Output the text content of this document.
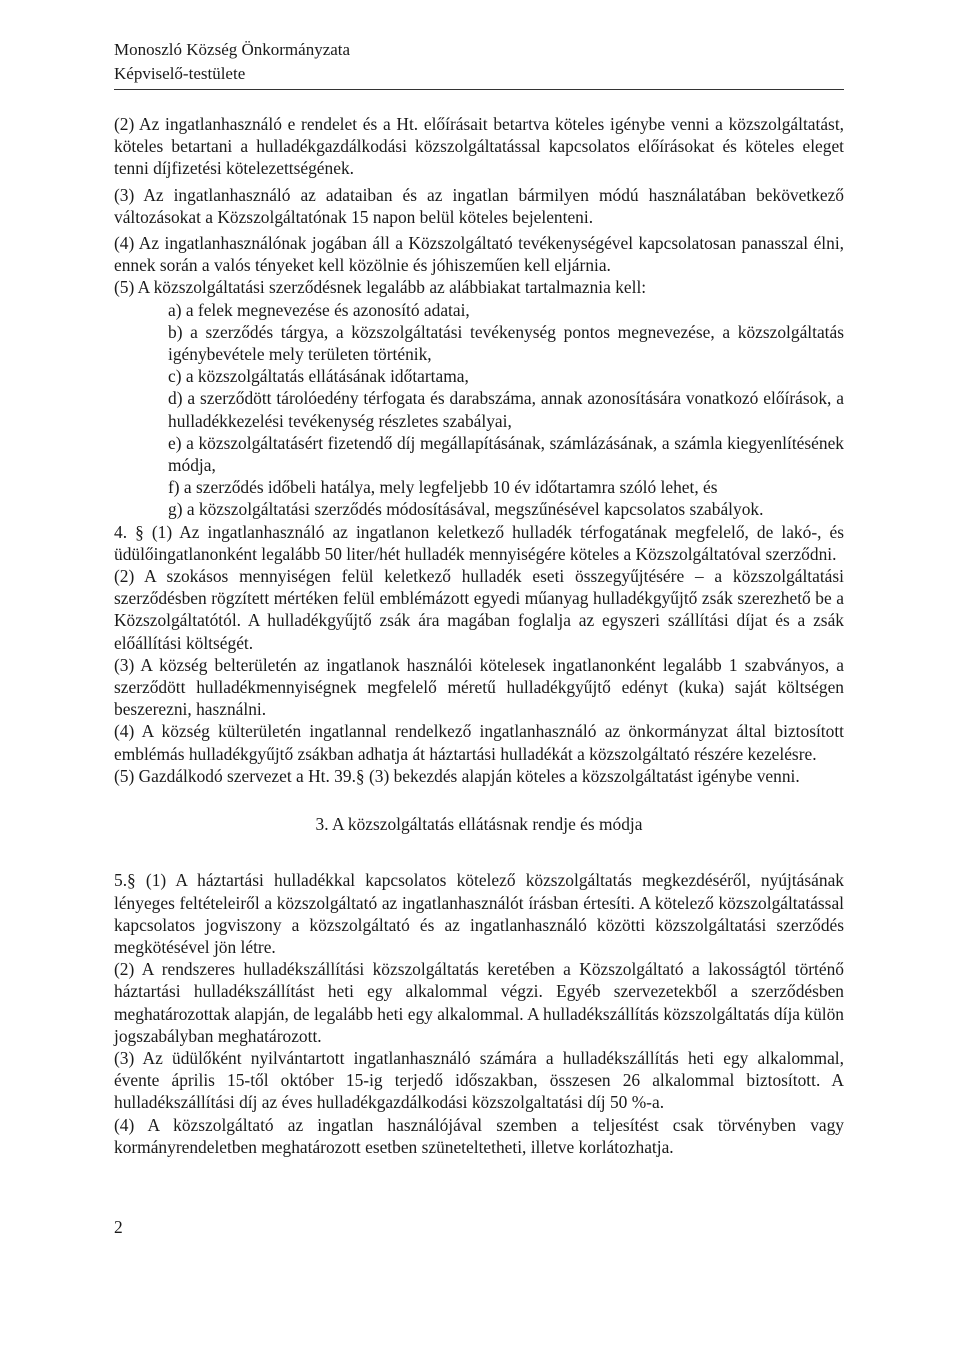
Monoszló Község Önkormányzata
Képviselő-testülete

(2) Az ingatlanhasználó e rendelet és a Ht. előírásait betartva köteles igénybe venni a közszolgáltatást, köteles betartani a hulladékgazdálkodási közszolgáltatással kapcsolatos előírásokat és köteles eleget tenni díjfizetési kötelezettségének.

(3) Az ingatlanhasználó az adataiban és az ingatlan bármilyen módú használatában bekövetkező változásokat a Közszolgáltatónak 15 napon belül köteles bejelenteni.

(4) Az ingatlanhasználónak jogában áll a Közszolgáltató tevékenységével kapcsolatosan panasszal élni, ennek során a valós tényeket kell közölnie és jóhiszeműen kell eljárnia.

(5) A közszolgáltatási szerződésnek legalább az alábbiakat tartalmaznia kell:

a) a felek megnevezése és azonosító adatai,

b) a szerződés tárgya, a közszolgáltatási tevékenység pontos megnevezése, a közszolgáltatás igénybevétele mely területen történik,

c) a közszolgáltatás ellátásának időtartama,

d) a szerződött tárolóedény térfogata és darabszáma, annak azonosítására vonatkozó előírások, a hulladékkezelési tevékenység részletes szabályai,

e) a közszolgáltatásért fizetendő díj megállapításának, számlázásának, a számla kiegyenlítésének módja,

f) a szerződés időbeli hatálya, mely legfeljebb 10 év időtartamra szóló lehet, és

g) a közszolgáltatási szerződés módosításával, megszűnésével kapcsolatos szabályok.

4. § (1) Az ingatlanhasználó az ingatlanon keletkező hulladék térfogatának megfelelő, de lakó-, és üdülőingatlanonként legalább 50 liter/hét hulladék mennyiségére köteles a Közszolgáltatóval szerződni.

(2) A szokásos mennyiségen felül keletkező hulladék eseti összegyűjtésére – a közszolgáltatási szerződésben rögzített mértéken felül emblémázott egyedi műanyag hulladékgyűjtő zsák szerezhető be a Közszolgáltatótól. A hulladékgyűjtő zsák ára magában foglalja az egyszeri szállítási díjat és a zsák előállítási költségét.

(3) A község belterületén az ingatlanok használói kötelesek ingatlanonként legalább 1 szabványos, a szerződött hulladékmennyiségnek megfelelő méretű hulladékgyűjtő edényt (kuka) saját költségen beszerezni, használni.

(4) A község külterületén ingatlannal rendelkező ingatlanhasználó az önkormányzat által biztosított emblémás hulladékgyűjtő zsákban adhatja át háztartási hulladékát a közszolgáltató részére kezelésre.

(5) Gazdálkodó szervezet a Ht. 39.§ (3) bekezdés alapján köteles a közszolgáltatást igénybe venni.

3. A közszolgáltatás ellátásnak rendje és módja

5.§ (1) A háztartási hulladékkal kapcsolatos kötelező közszolgáltatás megkezdéséről, nyújtásának lényeges feltételeiről a közszolgáltató az ingatlanhasználót írásban értesíti. A kötelező közszolgáltatással kapcsolatos jogviszony a közszolgáltató és az ingatlanhasználó közötti közszolgáltatási szerződés megkötésével jön létre.

(2) A rendszeres hulladékszállítási közszolgáltatás keretében a Közszolgáltató a lakosságtól történő háztartási hulladékszállítást heti egy alkalommal végzi. Egyéb szervezetekből a szerződésben meghatározottak alapján, de legalább heti egy alkalommal. A hulladékszállítás közszolgáltatás díja külön jogszabályban meghatározott.

(3) Az üdülőként nyilvántartott ingatlanhasználó számára a hulladékszállítás heti egy alkalommal, évente április 15-től október 15-ig terjedő időszakban, összesen 26 alkalommal biztosított. A hulladékszállítási díj az éves hulladékgazdálkodási közszolgaltatási díj 50 %-a.

(4) A közszolgáltató az ingatlan használójával szemben a teljesítést csak törvényben vagy kormányrendeletben meghatározott esetben szüneteltetheti, illetve korlátozhatja.

2
